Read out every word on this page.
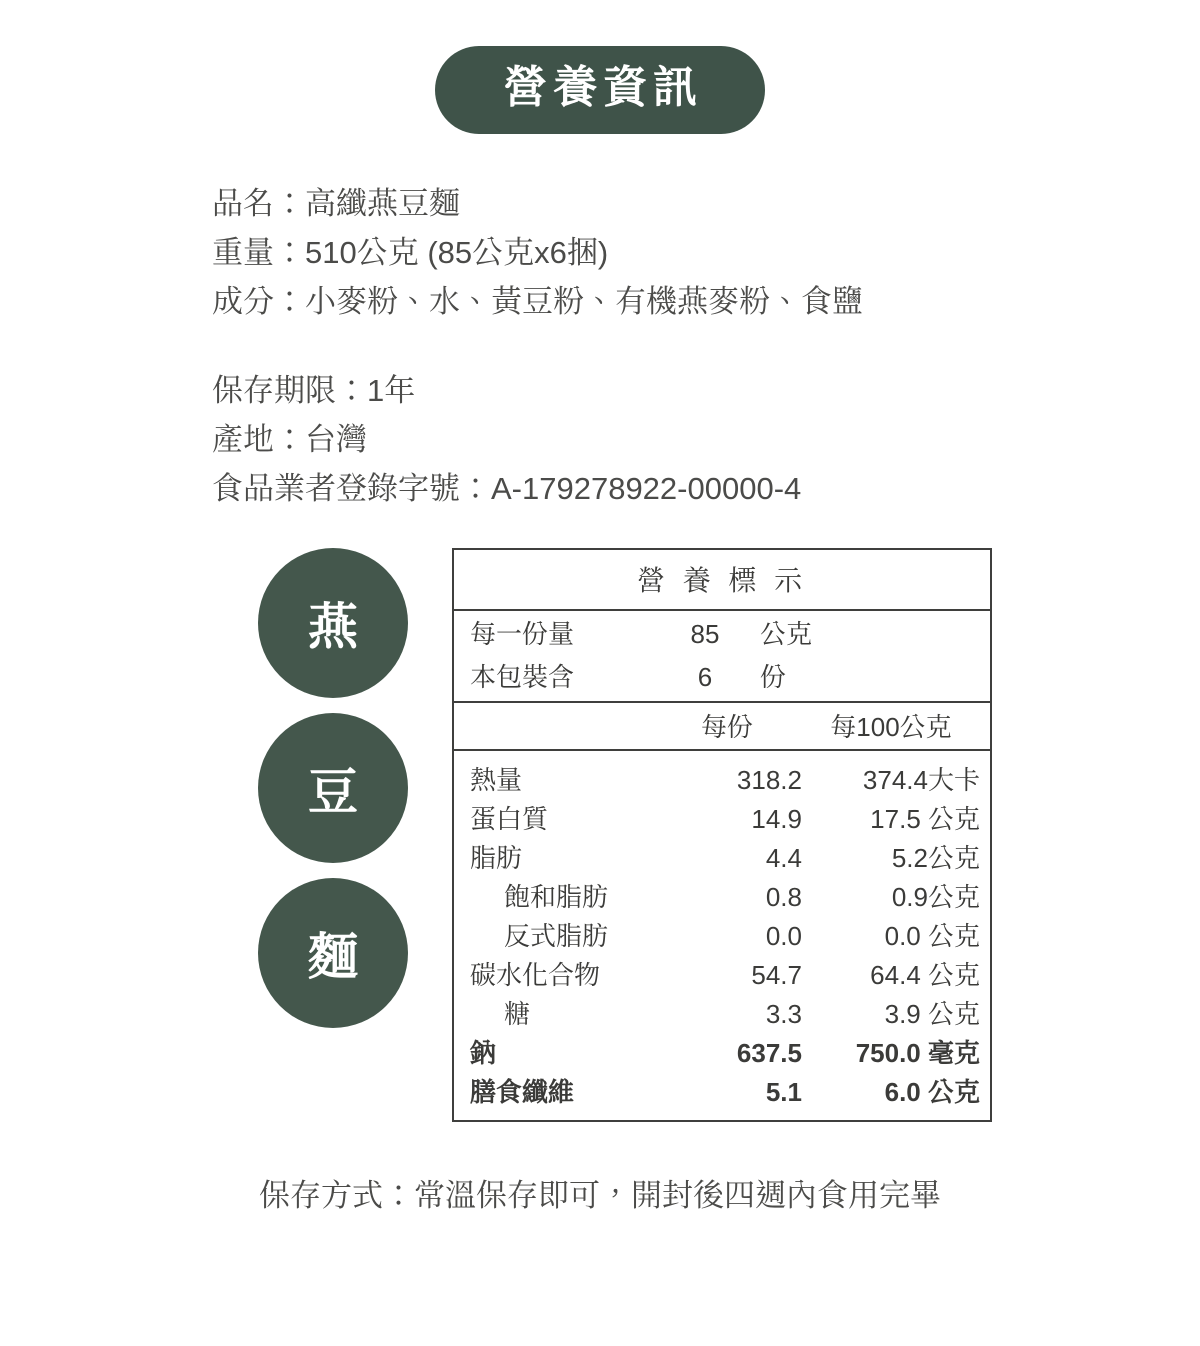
營養資訊
品名：高纖燕豆麵
重量：510公克 (85公克x6捆)
成分：小麥粉、水、黃豆粉、有機燕麥粉、食鹽
保存期限：1年
產地：台灣
食品業者登錄字號：A-179278922-00000-4
燕
豆
麵
營 養 標 示
每一份量	85	公克
本包裝含	6	份
每份	每100公克
熱量	318.2	374.4大卡
蛋白質	14.9	17.5 公克
脂肪	4.4	5.2公克
飽和脂肪	0.8	0.9公克
反式脂肪	0.0	0.0 公克
碳水化合物	54.7	64.4 公克
糖	3.3	3.9 公克
鈉	637.5	750.0 毫克
膳食纖維	5.1	6.0 公克
保存方式：常溫保存即可，開封後四週內食用完畢
